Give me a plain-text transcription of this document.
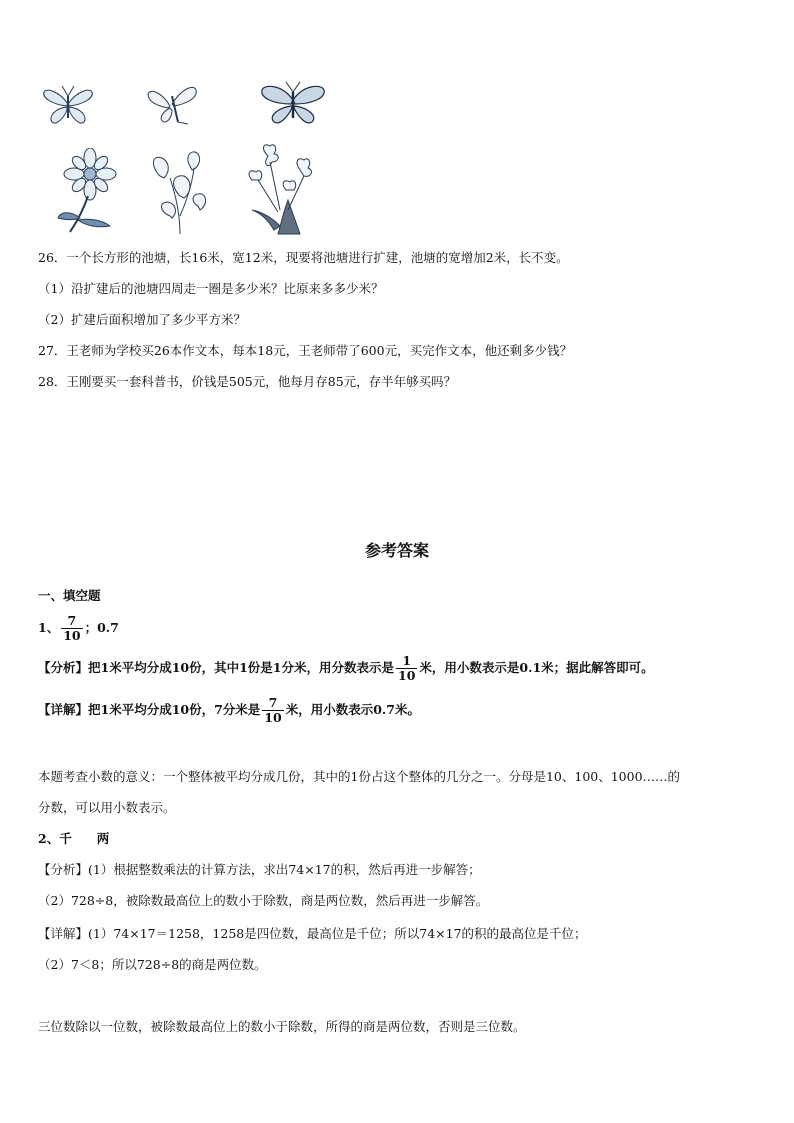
26．一个长方形的池塘，长16米，宽12米，现要将池塘进行扩建，池塘的宽增加2米，长不变。
（1）沿扩建后的池塘四周走一圈是多少米？比原来多多少米？
（2）扩建后面积增加了多少平方米？
27．王老师为学校买26本作文本，每本18元，王老师带了600元，买完作文本，他还剩多少钱？
28．王刚要买一套科普书，价钱是505元，他每月存85元，存半年够买吗？
参考答案
一、填空题
1、 $\frac{7}{10}$ ；0.7
【分析】把1米平均分成10份，其中1份是1分米，用分数表示是 $\frac{1}{10}$ 米，用小数表示是0.1米；据此解答即可。
【详解】把1米平均分成10份，7分米是 $\frac{7}{10}$ 米，用小数表示0.7米。
本题考查小数的意义：一个整体被平均分成几份，其中的1份占这个整体的几分之一。分母是10、100、1000……的
分数，可以用小数表示。
2、千　　两
【分析】(1）根据整数乘法的计算方法，求出74×17的积，然后再进一步解答；
（2）728÷8，被除数最高位上的数小于除数，商是两位数，然后再进一步解答。
【详解】(1）74×17＝1258，1258是四位数，最高位是千位；所以74×17的积的最高位是千位；
（2）7＜8；所以728÷8的商是两位数。
三位数除以一位数，被除数最高位上的数小于除数，所得的商是两位数，否则是三位数。
